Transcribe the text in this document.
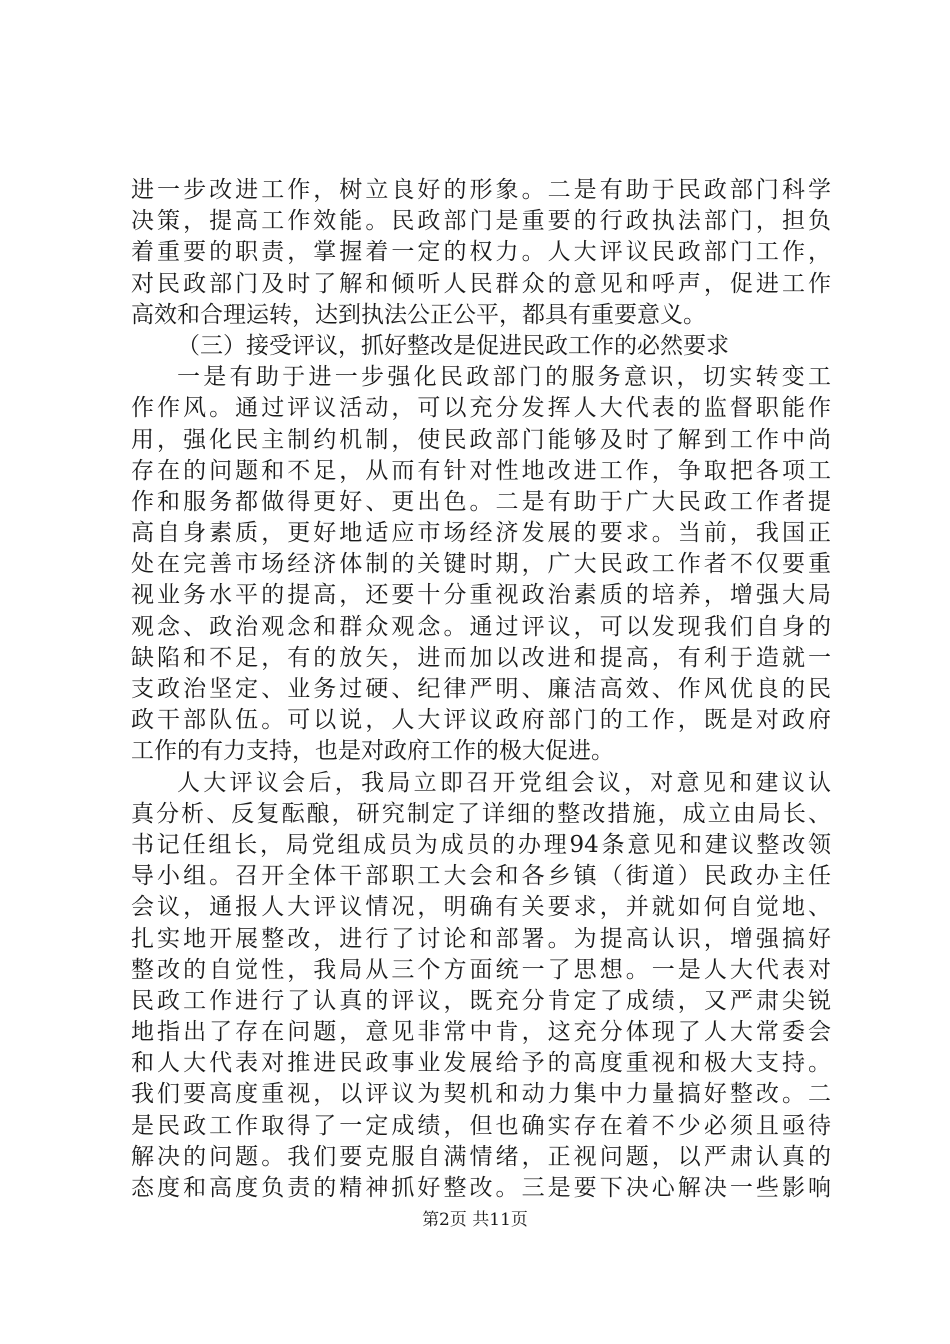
进一步改进工作，树立良好的形象。二是有助于民政部门科学
决策，提高工作效能。民政部门是重要的行政执法部门，担负
着重要的职责，掌握着一定的权力。人大评议民政部门工作，
对民政部门及时了解和倾听人民群众的意见和呼声，促进工作
高效和合理运转，达到执法公正公平，都具有重要意义。
（三）接受评议，抓好整改是促进民政工作的必然要求
一是有助于进一步强化民政部门的服务意识，切实转变工
作作风。通过评议活动，可以充分发挥人大代表的监督职能作
用，强化民主制约机制，使民政部门能够及时了解到工作中尚
存在的问题和不足，从而有针对性地改进工作，争取把各项工
作和服务都做得更好、更出色。二是有助于广大民政工作者提
高自身素质，更好地适应市场经济发展的要求。当前，我国正
处在完善市场经济体制的关键时期，广大民政工作者不仅要重
视业务水平的提高，还要十分重视政治素质的培养，增强大局
观念、政治观念和群众观念。通过评议，可以发现我们自身的
缺陷和不足，有的放矢，进而加以改进和提高，有利于造就一
支政治坚定、业务过硬、纪律严明、廉洁高效、作风优良的民
政干部队伍。可以说，人大评议政府部门的工作，既是对政府
工作的有力支持，也是对政府工作的极大促进。
人大评议会后，我局立即召开党组会议，对意见和建议认
真分析、反复酝酿，研究制定了详细的整改措施，成立由局长、
书记任组长，局党组成员为成员的办理94条意见和建议整改领
导小组。召开全体干部职工大会和各乡镇（街道）民政办主任
会议，通报人大评议情况，明确有关要求，并就如何自觉地、
扎实地开展整改，进行了讨论和部署。为提高认识，增强搞好
整改的自觉性，我局从三个方面统一了思想。一是人大代表对
民政工作进行了认真的评议，既充分肯定了成绩，又严肃尖锐
地指出了存在问题，意见非常中肯，这充分体现了人大常委会
和人大代表对推进民政事业发展给予的高度重视和极大支持。
我们要高度重视，以评议为契机和动力集中力量搞好整改。二
是民政工作取得了一定成绩，但也确实存在着不少必须且亟待
解决的问题。我们要克服自满情绪，正视问题，以严肃认真的
态度和高度负责的精神抓好整改。三是要下决心解决一些影响
第2页 共11页
